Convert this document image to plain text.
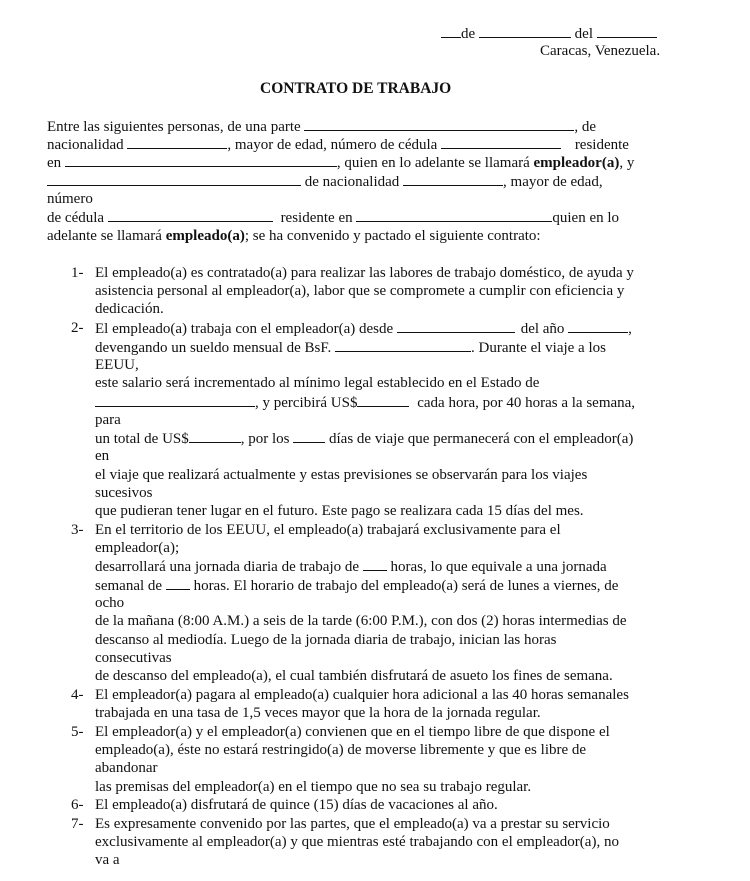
de	del
Caracas, Venezuela.
CONTRATO DE TRABAJO
Entre las siguientes personas, de una parte	, de
nacionalidad	, mayor de edad, número de cédula	residente
en	, quien en lo adelante se llamará empleador(a), y
de nacionalidad	, mayor de edad,
número
de cédula	residente en	quien en lo
adelante se llamará empleado(a); se ha convenido y pactado el siguiente contrato:
1- El empleado(a) es contratado(a) para realizar las labores de trabajo doméstico, de ayuda y
asistencia personal al empleador(a), labor que se compromete a cumplir con eficiencia y
dedicación.
2- El empleado(a) trabaja con el empleador(a) desde	del año	,
devengando un sueldo mensual de BsF.	. Durante el viaje a los
EEUU,
este salario será incrementado al mínimo legal establecido en el Estado de
, y percibirá US$	cada hora, por 40 horas a la semana,
para
un total de US$	, por los	días de viaje que permanecerá con el empleador(a)
en
el viaje que realizará actualmente y estas previsiones se observarán para los viajes
sucesivos
que pudieran tener lugar en el futuro. Este pago se realizara cada 15 días del mes.
3- En el territorio de los EEUU, el empleado(a) trabajará exclusivamente para el
empleador(a);
desarrollará una jornada diaria de trabajo de horas, lo que equivale a una jornada
semanal de horas. El horario de trabajo del empleado(a) será de lunes a viernes, de
ocho
de la mañana (8:00 A.M.) a seis de la tarde (6:00 P.M.), con dos (2) horas intermedias de
descanso al mediodía. Luego de la jornada diaria de trabajo, inician las horas
consecutivas
de descanso del empleado(a), el cual también disfrutará de asueto los fines de semana.
4- El empleador(a) pagara al empleado(a) cualquier hora adicional a las 40 horas semanales
trabajada en una tasa de 1,5 veces mayor que la hora de la jornada regular.
5- El empleador(a) y el empleador(a) convienen que en el tiempo libre de que dispone el
empleado(a), éste no estará restringido(a) de moverse libremente y que es libre de
abandonar
las premisas del empleador(a) en el tiempo que no sea su trabajo regular.
6- El empleado(a) disfrutará de quince (15) días de vacaciones al año.
7- Es expresamente convenido por las partes, que el empleado(a) va a prestar su servicio
exclusivamente al empleador(a) y que mientras esté trabajando con el empleador(a), no
va a
